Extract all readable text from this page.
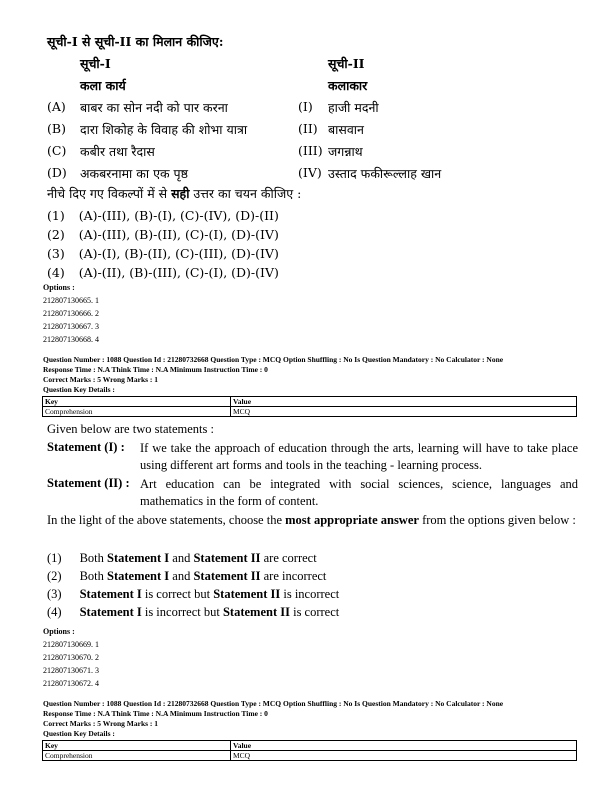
सूची-I से सूची-II का मिलान कीजिए:
सूची-I
कला कार्य
सूची-II
कलाकार
(A) बाबर का सोन नदी को पार करना	(I) हाजी मदनी
(B) दारा शिकोह के विवाह की शोभा यात्रा	(II) बासवान
(C) कबीर तथा रैदास	(III) जगन्नाथ
(D) अकबरनामा का एक पृष्ठ	(IV) उस्ताद फकीरूल्लाह खान
नीचे दिए गए विकल्पों में से सही उत्तर का चयन कीजिए :
(1) (A)-(III), (B)-(I), (C)-(IV), (D)-(II)
(2) (A)-(III), (B)-(II), (C)-(I), (D)-(IV)
(3) (A)-(I), (B)-(II), (C)-(III), (D)-(IV)
(4) (A)-(II), (B)-(III), (C)-(I), (D)-(IV)
Options :
212807130665. 1
212807130666. 2
212807130667. 3
212807130668. 4
Question Number : 1088 Question Id : 21280732668 Question Type : MCQ Option Shuffling : No Is Question Mandatory : No Calculator : None
Response Time : N.A Think Time : N.A Minimum Instruction Time : 0
Correct Marks : 5 Wrong Marks : 1
Question Key Details :
Key	Value
Comprehension	MCQ
Given below are two statements :
Statement (I) : If we take the approach of education through the arts, learning will have to take place using different art forms and tools in the teaching - learning process.
Statement (II) : Art education can be integrated with social sciences, science, languages and mathematics in the form of content.
In the light of the above statements, choose the most appropriate answer from the options given below :
(1) Both Statement I and Statement II are correct
(2) Both Statement I and Statement II are incorrect
(3) Statement I is correct but Statement II is incorrect
(4) Statement I is incorrect but Statement II is correct
Options :
212807130669. 1
212807130670. 2
212807130671. 3
212807130672. 4
Question Number : 1088 Question Id : 21280732668 Question Type : MCQ Option Shuffling : No Is Question Mandatory : No Calculator : None
Response Time : N.A Think Time : N.A Minimum Instruction Time : 0
Correct Marks : 5 Wrong Marks : 1
Question Key Details :
Key	Value
Comprehension	MCQ
